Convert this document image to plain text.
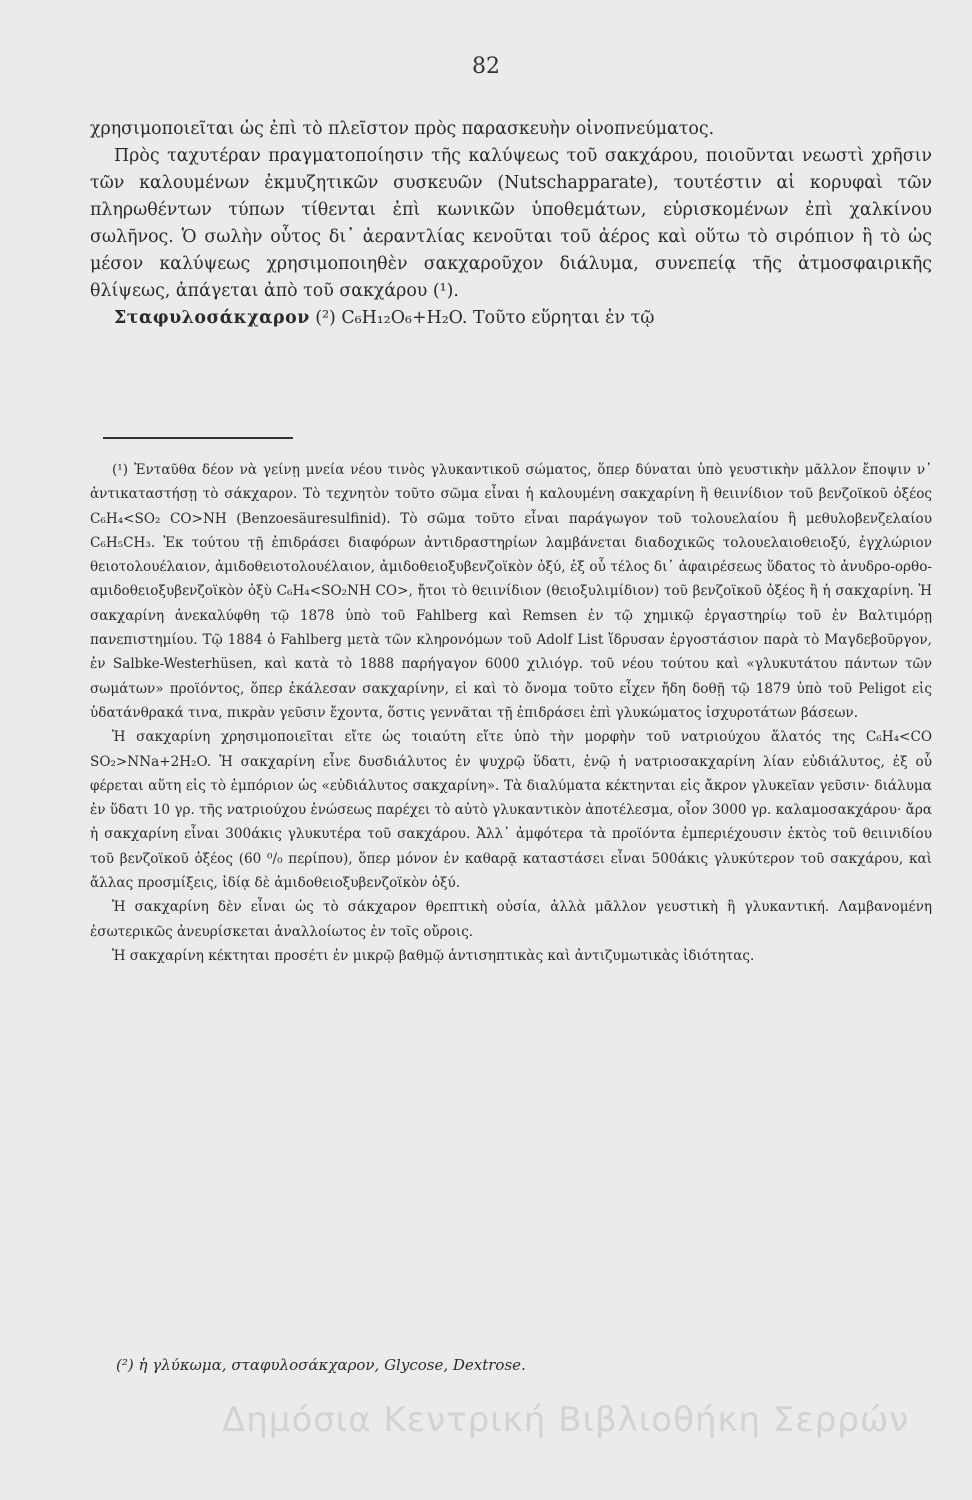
82

χρησιμοποιεῖται ὡς ἐπὶ τὸ πλεῖστον πρὸς παρασκευὴν οἰνοπνεύματος.

Πρὸς ταχυτέραν πραγματοποίησιν τῆς καλύψεως τοῦ σακχάρου, ποιοῦνται νεωστὶ χρῆσιν τῶν καλουμένων ἐκμυζητικῶν συσκευῶν (Nutschapparate), τουτέστιν αἱ κορυφαὶ τῶν πληρωθέντων τύπων τίθενται ἐπὶ κωνικῶν ὑποθεμάτων, εὑρισκομένων ἐπὶ χαλκίνου σωλῆνος. Ὁ σωλὴν οὗτος δι᾽ ἀεραντλίας κενοῦται τοῦ ἀέρος καὶ οὕτω τὸ σιρόπιον ἢ τὸ ὡς μέσον καλύψεως χρησιμοποιηθὲν σακχαροῦχον διάλυμα, συνεπείᾳ τῆς ἀτμοσφαιρικῆς θλίψεως, ἀπάγεται ἀπὸ τοῦ σακχάρου (¹).

Σταφυλοσάκχαρον (²) C₆H₁₂O₆+H₂O. Τοῦτο εὕρηται ἐν τῷ

(¹) Ἐνταῦθα δέον νὰ γείνῃ μνεία νέου τινὸς γλυκαντικοῦ σώματος, ὅπερ δύναται ὑπὸ γευστικὴν μᾶλλον ἔποψιν ν᾽ ἀντικαταστήσῃ τὸ σάκχαρον. Τὸ τεχνητὸν τοῦτο σῶμα εἶναι ἡ καλουμένη σακχαρίνη ἢ θειινίδιον τοῦ βενζοϊκοῦ ὀξέος C₆H₄<SO₂ CO>NH (Benzoesäuresulfinid). Τὸ σῶμα τοῦτο εἶναι παράγωγον τοῦ τολουελαίου ἢ μεθυλοβενζελαίου C₆H₅CH₃. Ἐκ τούτου τῇ ἐπιδράσει διαφόρων ἀντιδραστηρίων λαμβάνεται διαδοχικῶς τολουελαιοθειοξύ, ἐγχλώριον θειοτολουέλαιον, ἀμιδοθειοτολουέλαιον, ἀμιδοθειοξυβενζοϊκὸν ὀξύ, ἐξ οὗ τέλος δι᾽ ἀφαιρέσεως ὕδατος τὸ ἀνυδρο-ορθο-αμιδοθειοξυβενζοϊκὸν ὀξὺ C₆H₄<SO₂NH CO>, ἤτοι τὸ θειινίδιον (θειοξυλιμίδιον) τοῦ βενζοϊκοῦ ὀξέος ἢ ἡ σακχαρίνη. Ἡ σακχαρίνη ἀνεκαλύφθη τῷ 1878 ὑπὸ τοῦ Fahlberg καὶ Remsen ἐν τῷ χημικῷ ἐργαστηρίῳ τοῦ ἐν Βαλτιμόρῃ πανεπιστημίου. Τῷ 1884 ὁ Fahlberg μετὰ τῶν κληρονόμων τοῦ Adolf List ἵδρυσαν ἐργοστάσιον παρὰ τὸ Μαγδεβοῦργον, ἐν Salbke-Westerhüsen, καὶ κατὰ τὸ 1888 παρήγαγον 6000 χιλιόγρ. τοῦ νέου τούτου καὶ «γλυκυτάτου πάντων τῶν σωμάτων» προϊόντος, ὅπερ ἐκάλεσαν σακχαρίνην, εἰ καὶ τὸ ὄνομα τοῦτο εἶχεν ἤδη δοθῇ τῷ 1879 ὑπὸ τοῦ Peligot εἰς ὑδατάνθρακά τινα, πικρὰν γεῦσιν ἔχοντα, ὅστις γεννᾶται τῇ ἐπιδράσει ἐπὶ γλυκώματος ἰσχυροτάτων βάσεων.

Ἡ σακχαρίνη χρησιμοποιεῖται εἴτε ὡς τοιαύτη εἴτε ὑπὸ τὴν μορφὴν τοῦ νατριούχου ἅλατός της C₆H₄<CO SO₂>NNa+2H₂O. Ἡ σακχαρίνη εἶνε δυσδιάλυτος ἐν ψυχρῷ ὕδατι, ἐνῷ ἡ νατριοσακχαρίνη λίαν εὐδιάλυτος, ἐξ οὗ φέρεται αὕτη εἰς τὸ ἐμπόριον ὡς «εὐδιάλυτος σακχαρίνη». Τὰ διαλύματα κέκτηνται εἰς ἄκρον γλυκεῖαν γεῦσιν· διάλυμα ἐν ὕδατι 10 γρ. τῆς νατριούχου ἑνώσεως παρέχει τὸ αὐτὸ γλυκαντικὸν ἀποτέλεσμα, οἷον 3000 γρ. καλαμοσακχάρου· ἄρα ἡ σακχαρίνη εἶναι 300άκις γλυκυτέρα τοῦ σακχάρου. Ἀλλ᾽ ἀμφότερα τὰ προϊόντα ἐμπεριέχουσιν ἐκτὸς τοῦ θειινιδίου τοῦ βενζοϊκοῦ ὀξέος (60 ⁰/₀ περίπου), ὅπερ μόνον ἐν καθαρᾷ καταστάσει εἶναι 500άκις γλυκύτερον τοῦ σακχάρου, καὶ ἄλλας προσμίξεις, ἰδίᾳ δὲ ἀμιδοθειοξυβενζοϊκὸν ὀξύ.

Ἡ σακχαρίνη δὲν εἶναι ὡς τὸ σάκχαρον θρεπτικὴ οὐσία, ἀλλὰ μᾶλλον γευστικὴ ἢ γλυκαντική. Λαμβανομένη ἐσωτερικῶς ἀνευρίσκεται ἀναλλοίωτος ἐν τοῖς οὔροις.

Ἡ σακχαρίνη κέκτηται προσέτι ἐν μικρῷ βαθμῷ ἀντισηπτικὰς καὶ ἀντιζυμωτικὰς ἰδιότητας.

(²) ἡ γλύκωμα, σταφυλοσάκχαρον, Glycose, Dextrose.
Δημόσια Κεντρική Βιβλιοθήκη Σερρών
